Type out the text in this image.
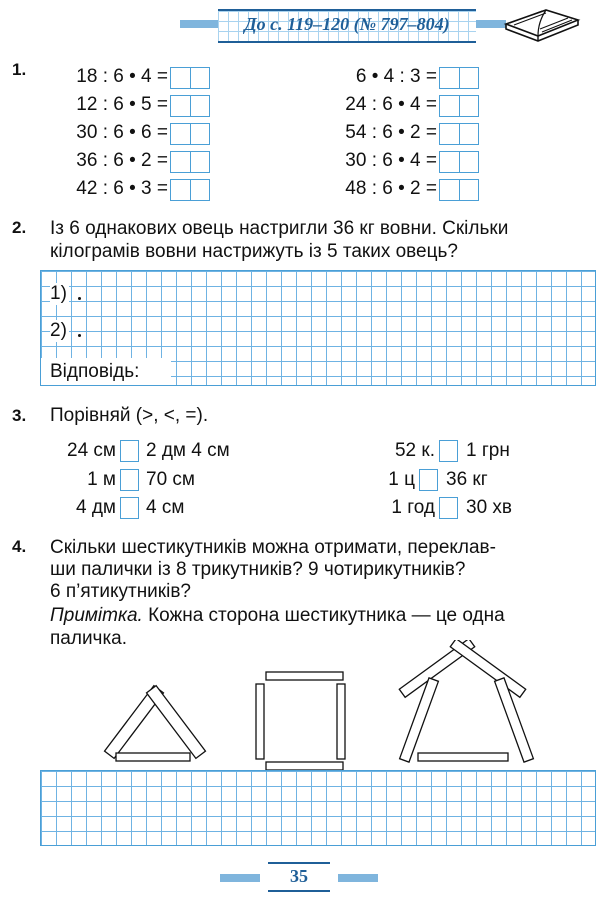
До с. 119–120 (№ 797–804)
1.	18 : 6 • 4 =
12 : 6 • 5 =
30 : 6 • 6 =
36 : 6 • 2 =
42 : 6 • 3 =
6 • 4 : 3 =
24 : 6 • 4 =
54 : 6 • 2 =
30 : 6 • 4 =
48 : 6 • 2 =
2. Із 6 однакових овець настригли 36 кг вовни. Скільки
кілограмів вовни настрижуть із 5 таких овець?
1)
2)
Відповідь:
3. Порівняй (>, <, =).
24 см 2 дм 4 см
1 м 70 см
4 дм 4 см
52 к. 1 грн
1 ц 36 кг
1 год 30 хв
4. Скільки шестикутників можна отримати, переклав-
ши палички із 8 трикутників? 9 чотирикутників?
6 п’ятикутників?
Примітка. Кожна сторона шестикутника — це одна
паличка.
35
